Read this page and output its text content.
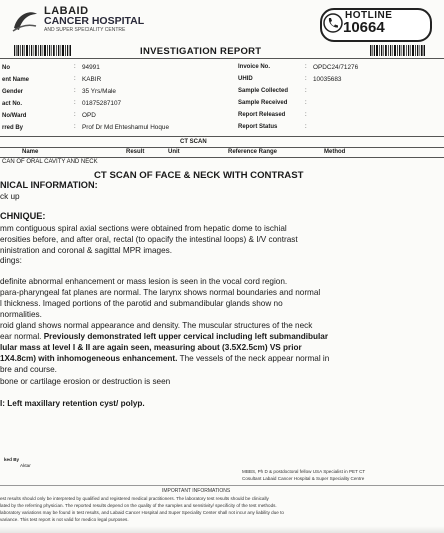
LABAID
CANCER HOSPITAL
AND SUPER SPECIALITY CENTRE
HOTLINE
10664
INVESTIGATION REPORT
No	: 94991
ent Name	: KABIR
Gender	: 35 Yrs/Male
act No.	: 01875287107
No/Ward	: OPD
rred By	: Prof Dr Md Ehteshamul Hoque
Invoice No.	: OPDC24/71276
UHID	: 10035683
Sample Collected	:
Sample Received	:
Report Released	:
Report Status	:
CT SCAN
Name	Result	Unit	Reference Range	Method
CAN OF ORAL CAVITY AND NECK
CT SCAN OF FACE & NECK WITH CONTRAST
NICAL INFORMATION:
ck up
CHNIQUE:
mm contiguous spiral axial sections were obtained from hepatic dome to ischial
erosities before, and after oral, rectal (to opacify the intestinal loops) & I/V contrast
ninistration and coronal & sagittal MPR images.
dings:
definite abnormal enhancement or mass lesion is seen in the vocal cord region.
para-pharyngeal fat planes are normal. The larynx shows normal boundaries and normal
l thickness. Imaged portions of the parotid and submandibular glands show no
normalities.
roid gland shows normal appearance and density. The muscular structures of the neck
ear normal. Previously demonstrated left upper cervical including left submandibular
lular mass at level I & II are again seen, measuring about (3.5X2.5cm) VS prior
1X4.8cm) with inhomogeneous enhancement. The vessels of the neck appear normal in
bre and course.
bone or cartilage erosion or destruction is seen
I: Left maxillary retention cyst/ polyp.
ked By
Aktar
MBBS, Ph D & postdoctoral fellow USA Specialist in PET CT
Cosultant Labaid Cancer Hospital & Super Speciality Centre
IMPORTANT INFORMATIONS
est results should only be interpreted by qualified and registered medical practitioners. The laboratory test results should be clinically
lated by the referring physician. The reported results depend on the quality of the samples and sensitivity/ specificity of the test methods.
laboratory variations may be found in test results, and Labaid Cancer Hospital and Super Speciality Center shall not incur any liability due to
variance. This test report is not valid for medico legal purposes.
